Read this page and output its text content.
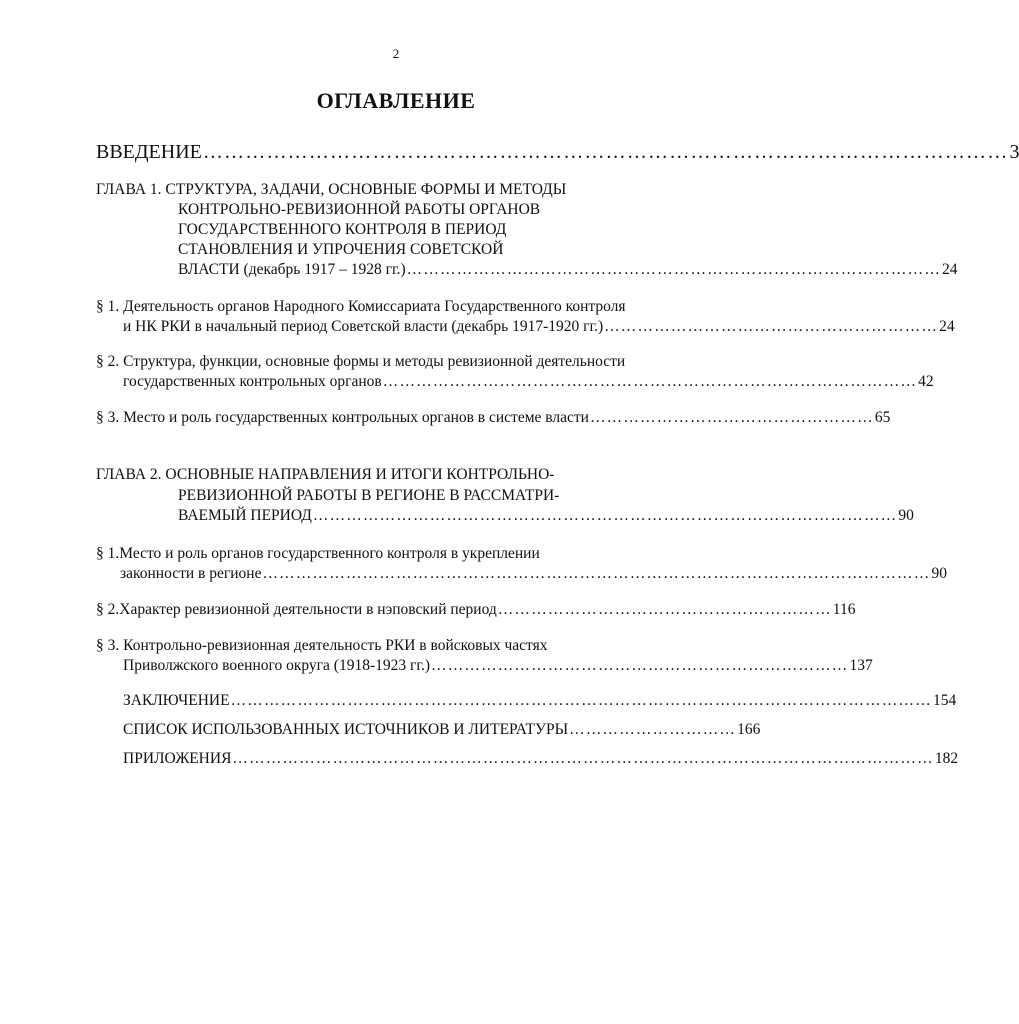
2
ОГЛАВЛЕНИЕ
ВВЕДЕНИЕ …………………………………………………………………………………………………… 3
ГЛАВА 1. СТРУКТУРА, ЗАДАЧИ, ОСНОВНЫЕ ФОРМЫ И МЕТОДЫ
КОНТРОЛЬНО-РЕВИЗИОННОЙ РАБОТЫ ОРГАНОВ
ГОСУДАРСТВЕННОГО КОНТРОЛЯ В ПЕРИОД
СТАНОВЛЕНИЯ И УПРОЧЕНИЯ СОВЕТСКОЙ
ВЛАСТИ (декабрь 1917 – 1928 гг.) …………………………………………………………………………………… 24
§ 1. Деятельность органов Народного Комиссариата Государственного контроля
и НК РКИ в начальный период Советской власти (декабрь 1917-1920 гг.) …………………………………………………… 24
§ 2. Структура, функции, основные формы и методы ревизионной деятельности
государственных контрольных органов …………………………………………………………………………………… 42
§ 3. Место и роль государственных контрольных органов в системе власти …………………………………………… 65
ГЛАВА 2. ОСНОВНЫЕ НАПРАВЛЕНИЯ И ИТОГИ КОНТРОЛЬНО-
РЕВИЗИОННОЙ РАБОТЫ В РЕГИОНЕ В РАССМАТРИ-
ВАЕМЫЙ ПЕРИОД …………………………………………………………………………………………… 90
§ 1.Место и роль органов государственного контроля в укреплении
законности в регионе ………………………………………………………………………………………………………… 90
§ 2.Характер ревизионной деятельности в нэповский период …………………………………………………… 116
§ 3. Контрольно-ревизионная деятельность РКИ в войсковых частях
Приволжского военного округа (1918-1923 гг.) ………………………………………………………………… 137
ЗАКЛЮЧЕНИЕ ……………………………………………………………………………………………………………… 154
СПИСОК ИСПОЛЬЗОВАННЫХ ИСТОЧНИКОВ И ЛИТЕРАТУРЫ ………………………… 166
ПРИЛОЖЕНИЯ ……………………………………………………………………………………………………………… 182
